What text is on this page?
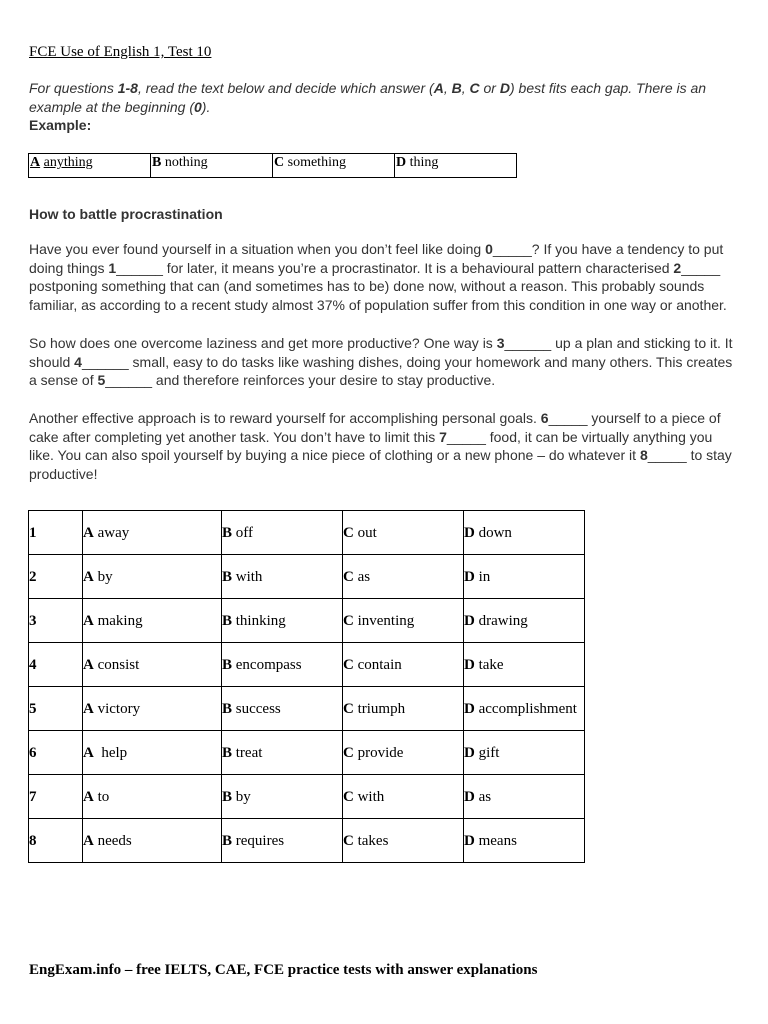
FCE Use of English 1, Test 10
For questions 1-8, read the text below and decide which answer (A, B, C or D) best fits each gap. There is an example at the beginning (0).
Example:
A anything	B nothing	C something	D thing
How to battle procrastination

Have you ever found yourself in a situation when you don’t feel like doing 0_____? If you have a tendency to put doing things 1______ for later, it means you’re a procrastinator. It is a behavioural pattern characterised 2_____ postponing something that can (and sometimes has to be) done now, without a reason. This probably sounds familiar, as according to a recent study almost 37% of population suffer from this condition in one way or another.

So how does one overcome laziness and get more productive? One way is 3______ up a plan and sticking to it. It should 4______ small, easy to do tasks like washing dishes, doing your homework and many others. This creates a sense of 5______ and therefore reinforces your desire to stay productive.

Another effective approach is to reward yourself for accomplishing personal goals. 6_____ yourself to a piece of cake after completing yet another task. You don’t have to limit this 7_____ food, it can be virtually anything you like. You can also spoil yourself by buying a nice piece of clothing or a new phone – do whatever it 8_____ to stay productive!

1	A away	B off	C out	D down
2	A by	B with	C as	D in
3	A making	B thinking	C inventing	D drawing
4	A consist	B encompass	C contain	D take
5	A victory	B success	C triumph	D accomplishment
6	A  help	B treat	C provide	D gift
7	A to	B by	C with	D as
8	A needs	B requires	C takes	D means
EngExam.info – free IELTS, CAE, FCE practice tests with answer explanations
